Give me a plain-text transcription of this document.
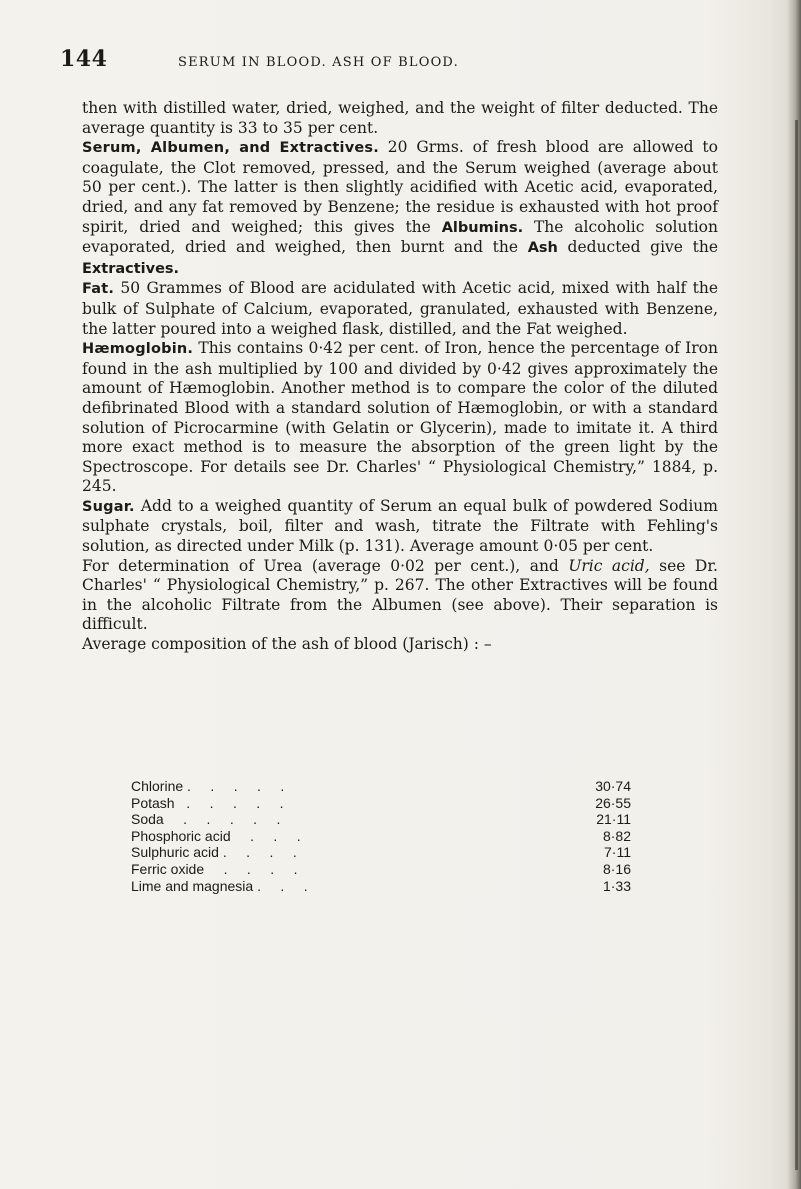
144	SERUM IN BLOOD. ASH OF BLOOD.

then with distilled water, dried, weighed, and the weight of filter deducted. The average quantity is 33 to 35 per cent.

Serum, Albumen, and Extractives. 20 Grms. of fresh blood are allowed to coagulate, the Clot removed, pressed, and the Serum weighed (average about 50 per cent.). The latter is then slightly acidified with Acetic acid, evaporated, dried, and any fat removed by Benzene; the residue is exhausted with hot proof spirit, dried and weighed; this gives the Albumins. The alcoholic solution evaporated, dried and weighed, then burnt and the Ash deducted give the Extractives.

Fat. 50 Grammes of Blood are acidulated with Acetic acid, mixed with half the bulk of Sulphate of Calcium, evaporated, granulated, exhausted with Benzene, the latter poured into a weighed flask, distilled, and the Fat weighed.

Hæmoglobin. This contains 0·42 per cent. of Iron, hence the percentage of Iron found in the ash multiplied by 100 and divided by 0·42 gives approximately the amount of Hæmoglobin. Another method is to compare the color of the diluted defibrinated Blood with a standard solution of Hæmoglobin, or with a standard solution of Picrocarmine (with Gelatin or Glycerin), made to imitate it. A third more exact method is to measure the absorption of the green light by the Spectroscope. For details see Dr. Charles' “ Physiological Chemistry,” 1884, p. 245.

Sugar. Add to a weighed quantity of Serum an equal bulk of powdered Sodium sulphate crystals, boil, filter and wash, titrate the Filtrate with Fehling's solution, as directed under Milk (p. 131). Average amount 0·05 per cent.

For determination of Urea (average 0·02 per cent.), and Uric acid, see Dr. Charles' “ Physiological Chemistry,” p. 267. The other Extractives will be found in the alcoholic Filtrate from the Albumen (see above). Their separation is difficult.

Average composition of the ash of blood (Jarisch) : –

Chlorine .     .     .     .     .	30·74
Potash   .     .     .     .     .	26·55
Soda     .     .     .     .     .	21·11
Phosphoric acid     .     .     .	8·82
Sulphuric acid .     .     .     .	7·11
Ferric oxide     .     .     .     .	8·16
Lime and magnesia .     .     .	1·33
